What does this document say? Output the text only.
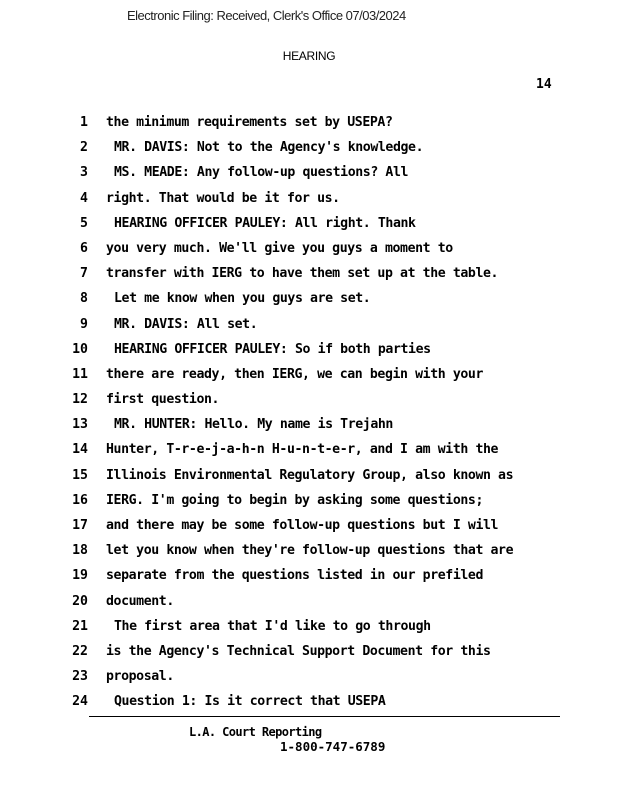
Electronic Filing: Received, Clerk's Office 07/03/2024
HEARING
14
1 the minimum requirements set by USEPA?
2 MR. DAVIS: Not to the Agency's knowledge.
3 MS. MEADE: Any follow-up questions? All
4 right. That would be it for us.
5 HEARING OFFICER PAULEY: All right. Thank
6 you very much. We'll give you guys a moment to
7 transfer with IERG to have them set up at the table.
8 Let me know when you guys are set.
9 MR. DAVIS: All set.
10 HEARING OFFICER PAULEY: So if both parties
11 there are ready, then IERG, we can begin with your
12 first question.
13 MR. HUNTER: Hello. My name is Trejahn
14 Hunter, T-r-e-j-a-h-n H-u-n-t-e-r, and I am with the
15 Illinois Environmental Regulatory Group, also known as
16 IERG. I'm going to begin by asking some questions;
17 and there may be some follow-up questions but I will
18 let you know when they're follow-up questions that are
19 separate from the questions listed in our prefiled
20 document.
21 The first area that I'd like to go through
22 is the Agency's Technical Support Document for this
23 proposal.
24 Question 1: Is it correct that USEPA
L.A. Court Reporting
1-800-747-6789
